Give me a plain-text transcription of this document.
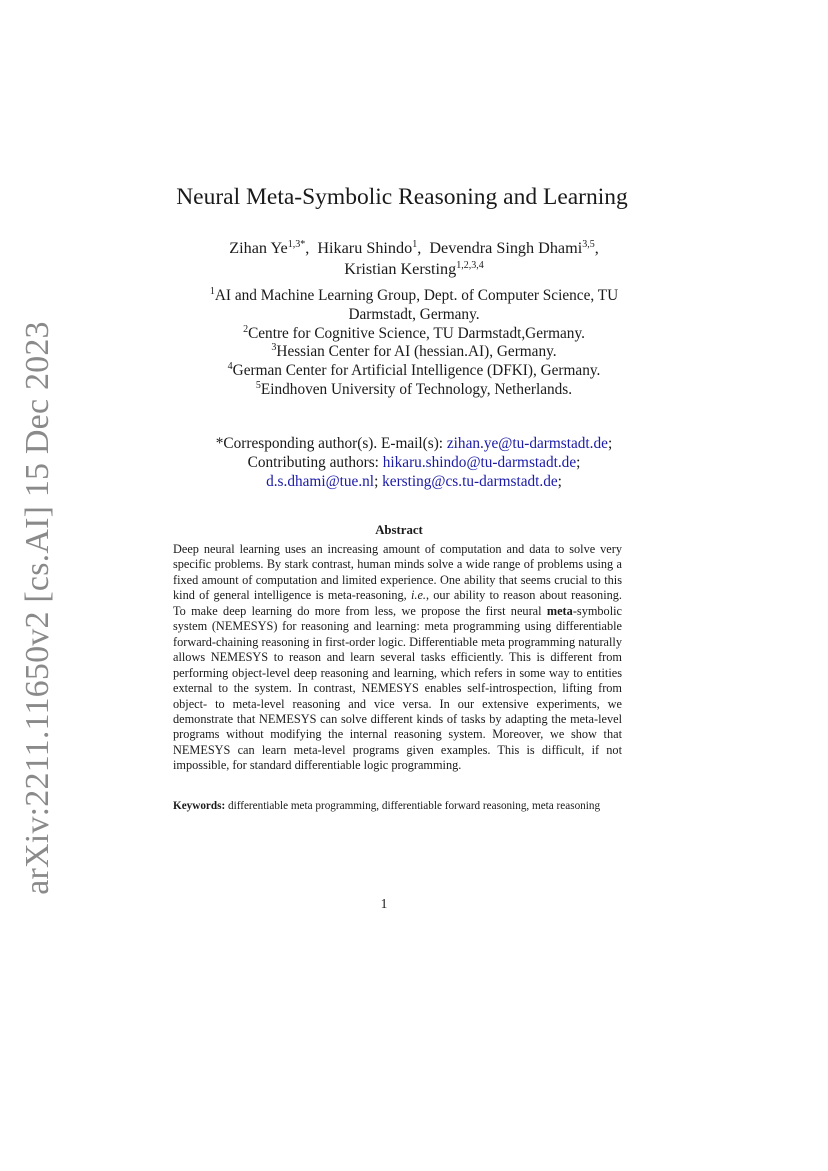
arXiv:2211.11650v2 [cs.AI] 15 Dec 2023
Neural Meta-Symbolic Reasoning and Learning
Zihan $Ye^{1,3*}$,  Hikaru Shindo$^1$,  Devendra Singh Dhami$^{3,5}$,
Kristian Kersting$^{1,2,3,4}$
$^1$AI and Machine Learning Group, Dept. of Computer Science, TU
Darmstadt, Germany.
$^2$Centre for Cognitive Science, TU Darmstadt,Germany.
$^3$Hessian Center for AI (hessian.AI), Germany.
$^4$German Center for Artificial Intelligence (DFKI), Germany.
$^5$Eindhoven University of Technology, Netherlands.
*Corresponding author(s). E-mail(s): zihan.ye@tu-darmstadt.de;
Contributing authors: hikaru.shindo@tu-darmstadt.de;
d.s.dhami@tue.nl; kersting@cs.tu-darmstadt.de;
Abstract

Deep neural learning uses an increasing amount of computation and data to solve very specific problems. By stark contrast, human minds solve a wide range of problems using a fixed amount of computation and limited experience. One ability that seems crucial to this kind of general intelligence is meta-reasoning, i.e., our ability to reason about reasoning. To make deep learning do more from less, we propose the first neural meta-symbolic system (NEMESYS) for reasoning and learning: meta programming using differentiable forward-chaining reasoning in first-order logic. Differentiable meta programming naturally allows NEMESYS to reason and learn several tasks efficiently. This is different from performing object-level deep reasoning and learning, which refers in some way to entities external to the system. In contrast, NEMESYS enables self-introspection, lifting from object- to meta-level reasoning and vice versa. In our extensive experiments, we demonstrate that NEMESYS can solve different kinds of tasks by adapting the meta-level programs without modifying the internal reasoning system. Moreover, we show that NEMESYS can learn meta-level programs given examples. This is difficult, if not impossible, for standard differentiable logic programming.

Keywords: differentiable meta programming, differentiable forward reasoning, meta reasoning
1
